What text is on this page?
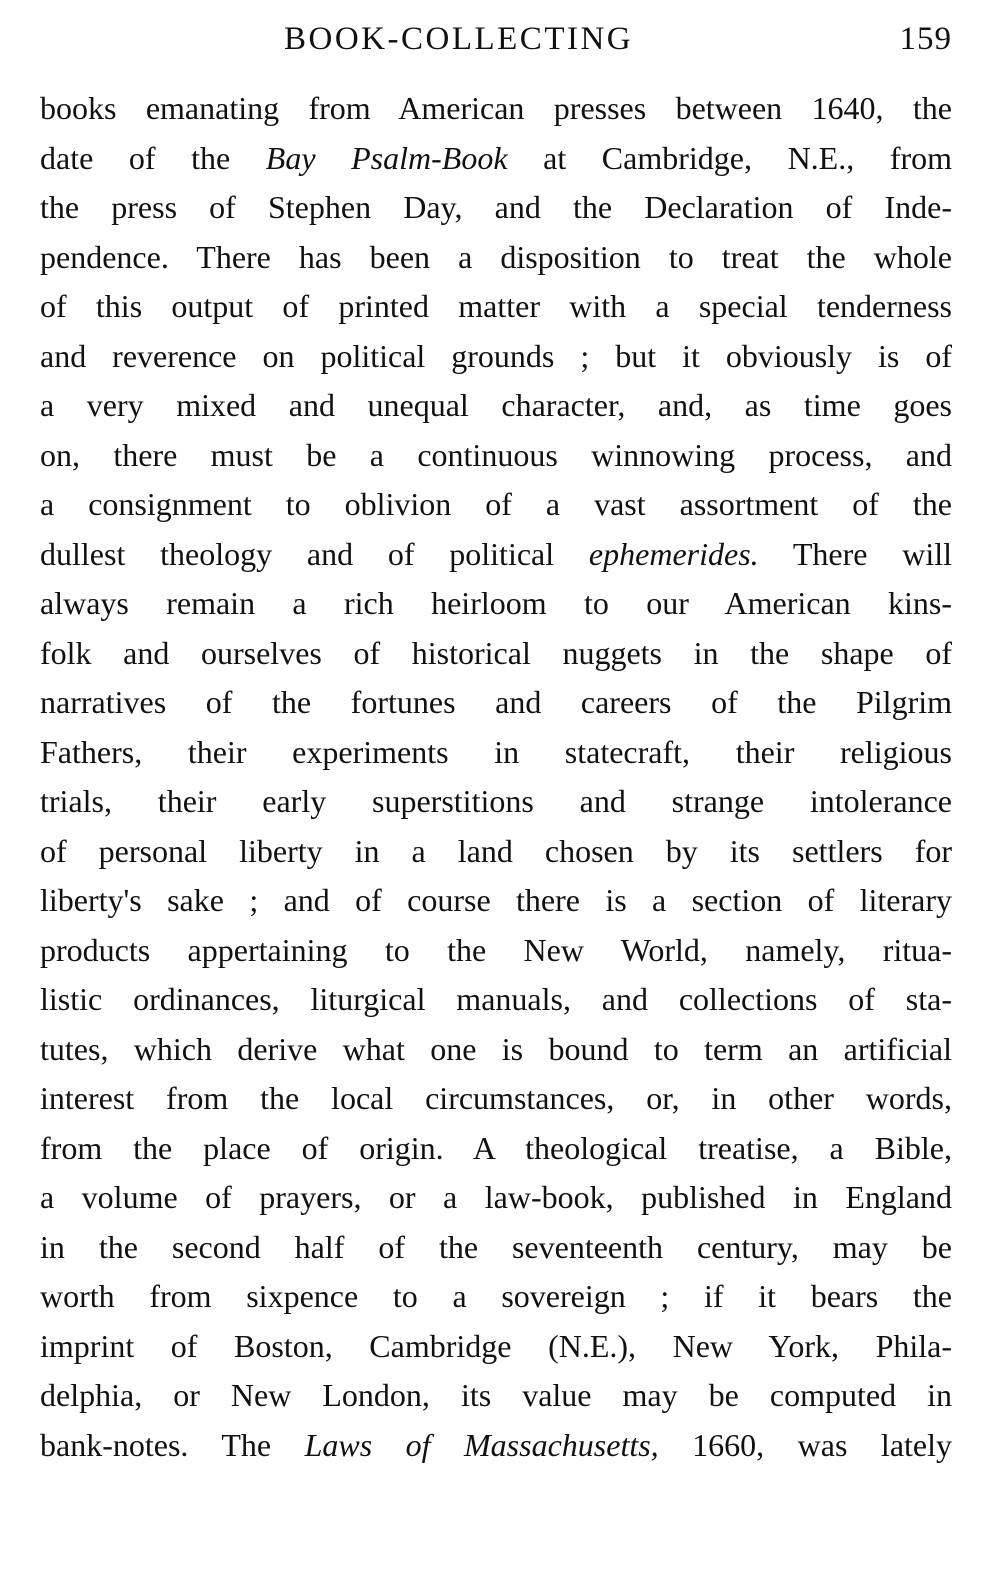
BOOK-COLLECTING	159
books emanating from American presses between 1640, the
date of the Bay Psalm-Book at Cambridge, N.E., from
the press of Stephen Day, and the Declaration of Inde-
pendence. There has been a disposition to treat the whole
of this output of printed matter with a special tenderness
and reverence on political grounds ; but it obviously is of
a very mixed and unequal character, and, as time goes
on, there must be a continuous winnowing process, and
a consignment to oblivion of a vast assortment of the
dullest theology and of political ephemerides. There will
always remain a rich heirloom to our American kins-
folk and ourselves of historical nuggets in the shape of
narratives of the fortunes and careers of the Pilgrim
Fathers, their experiments in statecraft, their religious
trials, their early superstitions and strange intolerance
of personal liberty in a land chosen by its settlers for
liberty's sake ; and of course there is a section of literary
products appertaining to the New World, namely, ritua-
listic ordinances, liturgical manuals, and collections of sta-
tutes, which derive what one is bound to term an artificial
interest from the local circumstances, or, in other words,
from the place of origin. A theological treatise, a Bible,
a volume of prayers, or a law-book, published in England
in the second half of the seventeenth century, may be
worth from sixpence to a sovereign ; if it bears the
imprint of Boston, Cambridge (N.E.), New York, Phila-
delphia, or New London, its value may be computed in
bank-notes. The Laws of Massachusetts, 1660, was lately
